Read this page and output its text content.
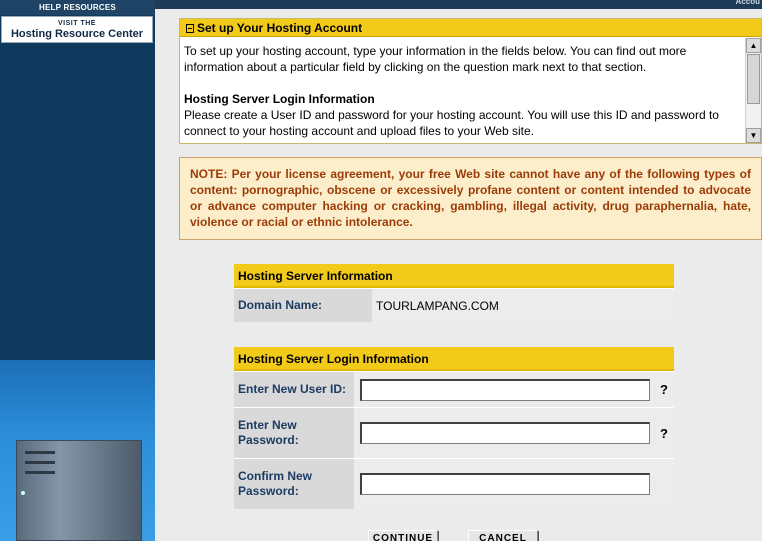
Accou
HELP RESOURCES
VISIT THE
Hosting Resource Center	Set up Your Hosting Account

To set up your hosting account, type your information in the fields below. You can find out more information about a particular field by clicking on the question mark next to that section.

Hosting Server Login Information

Please create a User ID and password for your hosting account. You will use this ID and password to connect to your hosting account and upload files to your Web site.

▲
▼
NOTE: Per your license agreement, your free Web site cannot have any of the following types of content: pornographic, obscene or excessively profane content or content intended to advocate or advance computer hacking or cracking, gambling, illegal activity, drug paraphernalia, hate, violence or racial or ethnic intolerance.
Hosting Server Information
Domain Name:	TOURLAMPANG.COM
Hosting Server Login Information
Enter New User ID:	?
Enter New Password:	?
Confirm New Password:
CONTINUE	CANCEL
